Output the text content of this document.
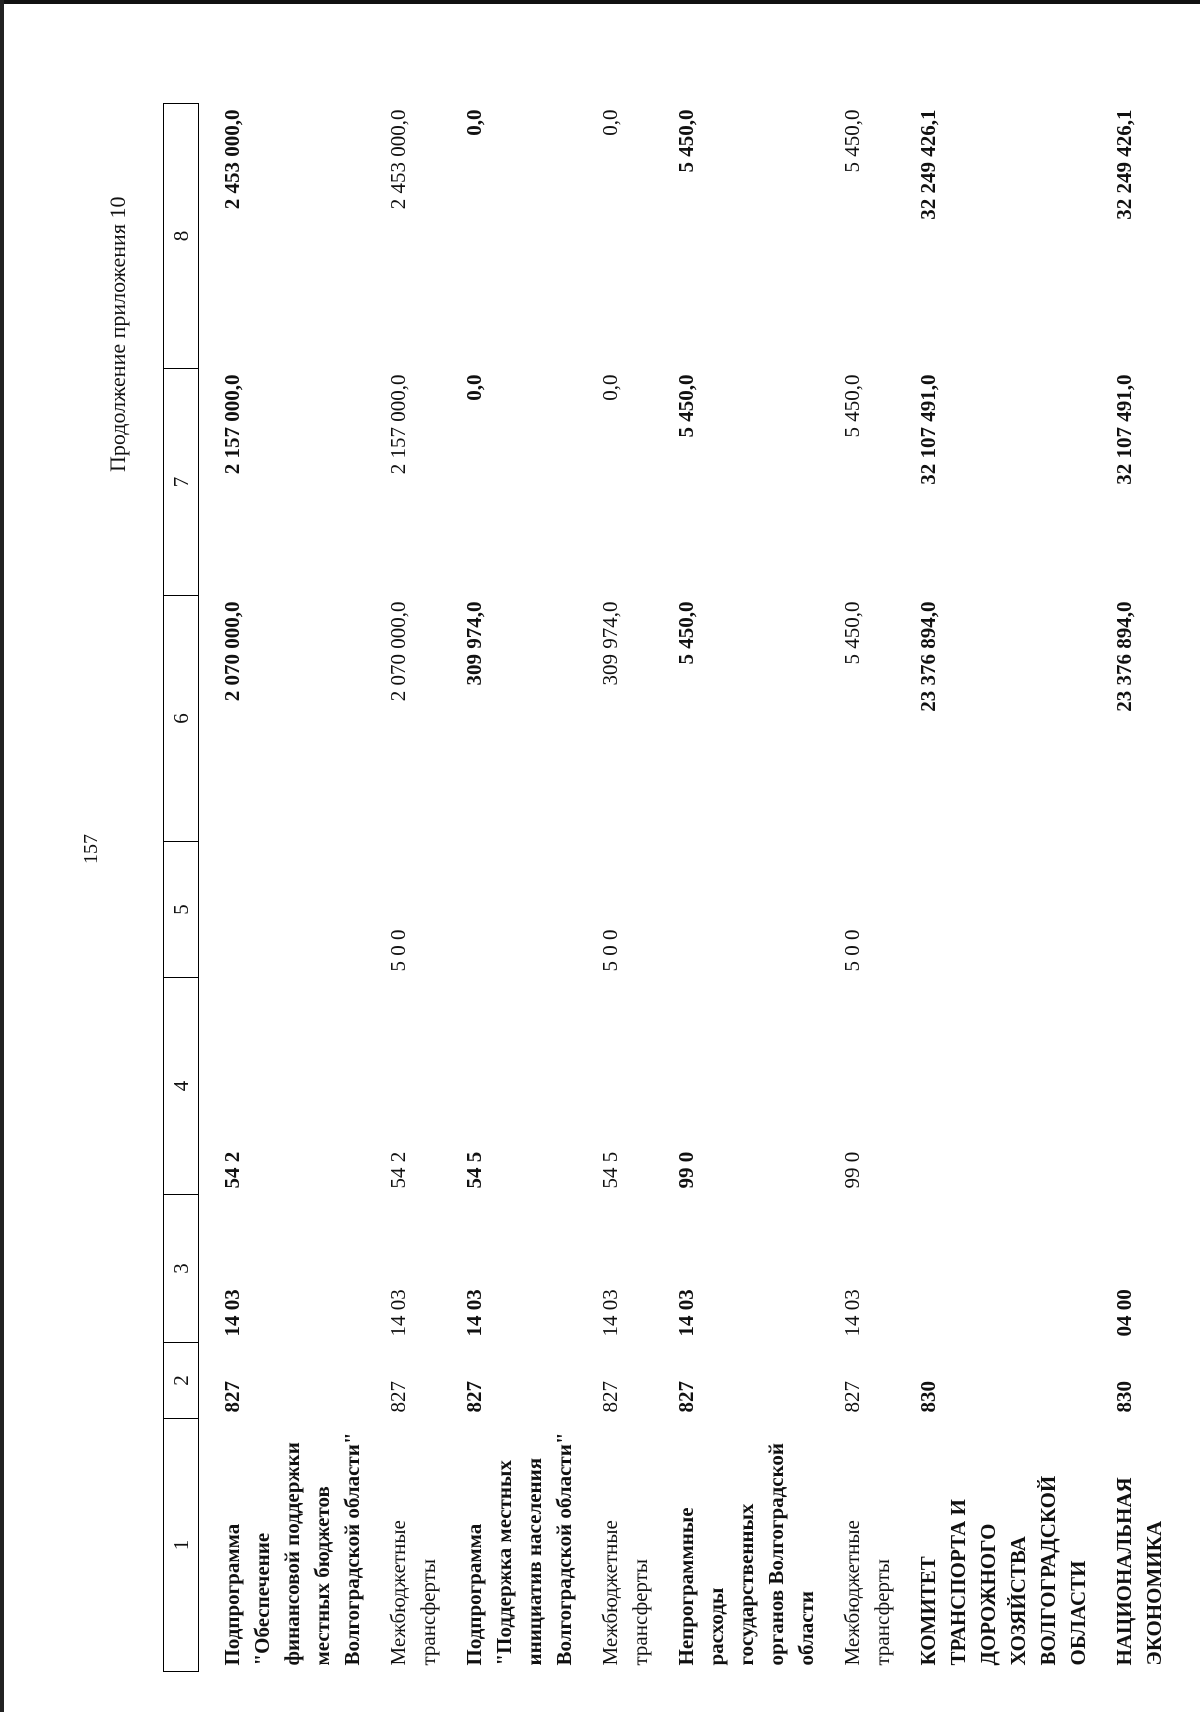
157
Продолжение приложения 10
1	2	3	4	5	6	7	8
Подпрограмма "Обеспечение финансовой поддержки местных бюджетов Волгоградской области"	827	14 03	54 2		2 070 000,0	2 157 000,0	2 453 000,0
Межбюджетные трансферты	827	14 03	54 2	5 0 0	2 070 000,0	2 157 000,0	2 453 000,0
Подпрограмма "Поддержка местных инициатив населения Волгоградской области"	827	14 03	54 5		309 974,0	0,0	0,0
Межбюджетные трансферты	827	14 03	54 5	5 0 0	309 974,0	0,0	0,0
Непрограммные расходы государственных органов Волгоградской области	827	14 03	99 0		5 450,0	5 450,0	5 450,0
Межбюджетные трансферты	827	14 03	99 0	5 0 0	5 450,0	5 450,0	5 450,0
КОМИТЕТ ТРАНСПОРТА И ДОРОЖНОГО ХОЗЯЙСТВА ВОЛГОГРАДСКОЙ ОБЛАСТИ	830				23 376 894,0	32 107 491,0	32 249 426,1
НАЦИОНАЛЬНАЯ ЭКОНОМИКА	830	04 00			23 376 894,0	32 107 491,0	32 249 426,1
